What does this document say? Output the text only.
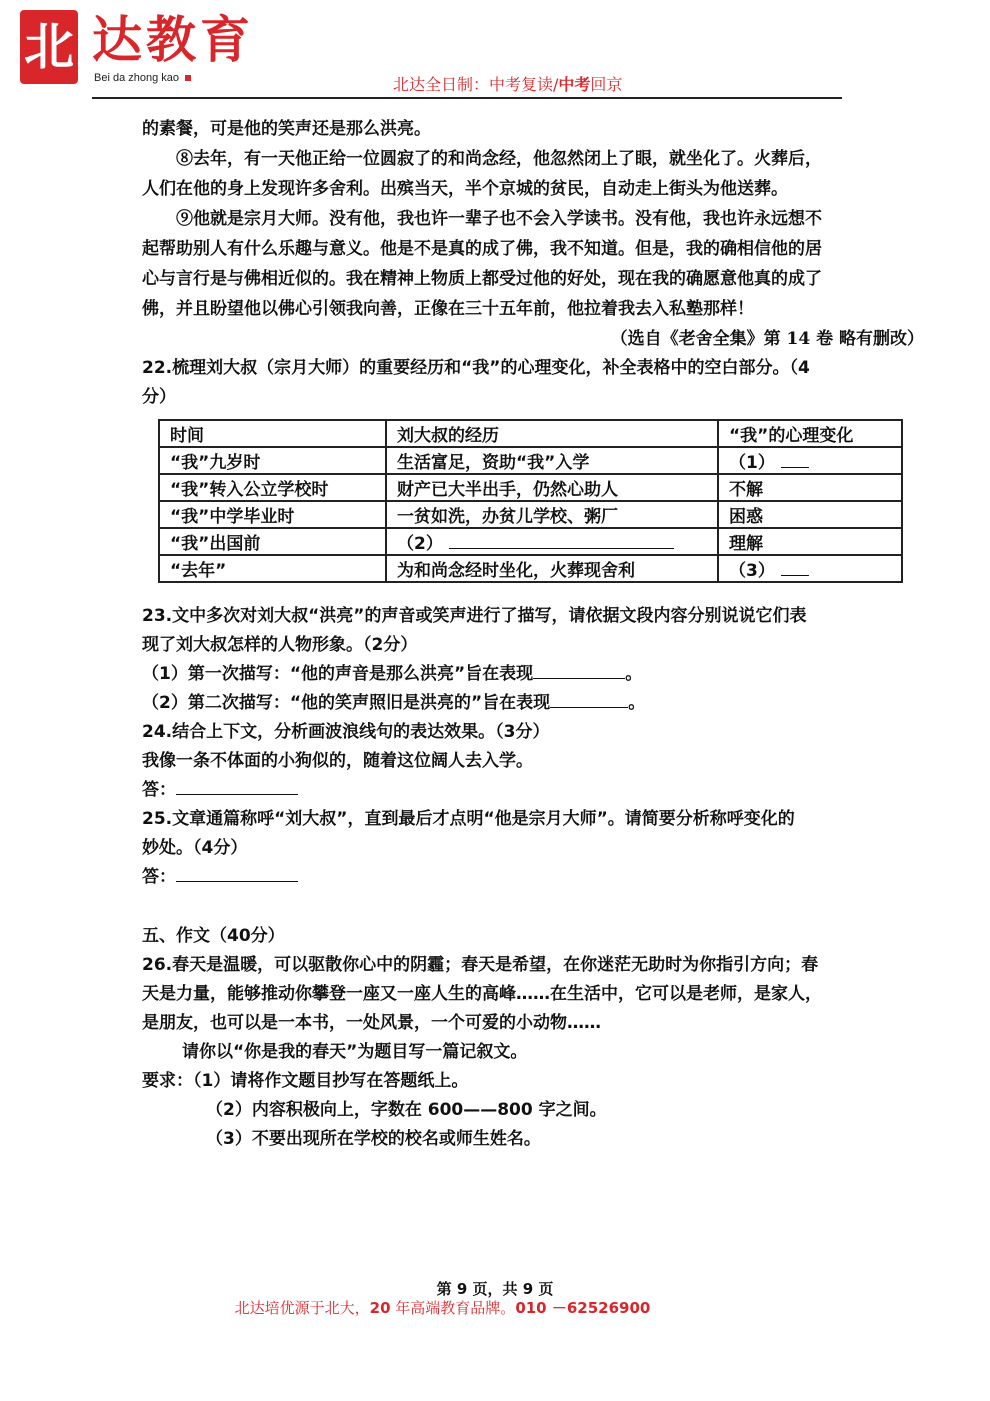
北 达教育
Bei da zhong kao	北达全日制：中考复读/中考回京
的素餐，可是他的笑声还是那么洪亮。
⑧去年，有一天他正给一位圆寂了的和尚念经，他忽然闭上了眼，就坐化了。火葬后，
人们在他的身上发现许多舍利。出殡当天，半个京城的贫民，自动走上街头为他送葬。
⑨他就是宗月大师。没有他，我也许一辈子也不会入学读书。没有他，我也许永远想不
起帮助别人有什么乐趣与意义。他是不是真的成了佛，我不知道。但是，我的确相信他的居
心与言行是与佛相近似的。我在精神上物质上都受过他的好处，现在我的确愿意他真的成了
佛，并且盼望他以佛心引领我向善，正像在三十五年前，他拉着我去入私塾那样！
（选自《老舍全集》第 14 卷 略有删改）
22.梳理刘大叔（宗月大师）的重要经历和“我”的心理变化，补全表格中的空白部分。（4
分）
23.文中多次对刘大叔“洪亮”的声音或笑声进行了描写，请依据文段内容分别说说它们表
现了刘大叔怎样的人物形象。（2分）
（1）第一次描写：“他的声音是那么洪亮”旨在表现	。
（2）第二次描写：“他的笑声照旧是洪亮的”旨在表现	。
24.结合上下文，分析画波浪线句的表达效果。（3分）
我像一条不体面的小狗似的，随着这位阔人去入学。
答：
25.文章通篇称呼“刘大叔”，直到最后才点明“他是宗月大师”。请简要分析称呼变化的
妙处。（4分）
答：
五、作文（40分）
26.春天是温暖，可以驱散你心中的阴霾；春天是希望，在你迷茫无助时为你指引方向；春
天是力量，能够推动你攀登一座又一座人生的高峰……在生活中，它可以是老师，是家人，
是朋友，也可以是一本书，一处风景，一个可爱的小动物……
请你以“你是我的春天”为题目写一篇记叙文。
要求：（1）请将作文题目抄写在答题纸上。
（2）内容积极向上，字数在 600——800 字之间。
（3）不要出现所在学校的校名或师生姓名。
时间	刘大叔的经历	“我”的心理变化
“我”九岁时	生活富足，资助“我”入学	（1）
“我”转入公立学校时	财产已大半出手，仍然心助人	不解
“我”中学毕业时	一贫如洗，办贫儿学校、粥厂	困惑
“我”出国前	（2）	理解
“去年”	为和尚念经时坐化，火葬现舍利	（3）
第 9 页，共 9 页
北达培优源于北大，20 年高端教育品牌。010 －62526900
